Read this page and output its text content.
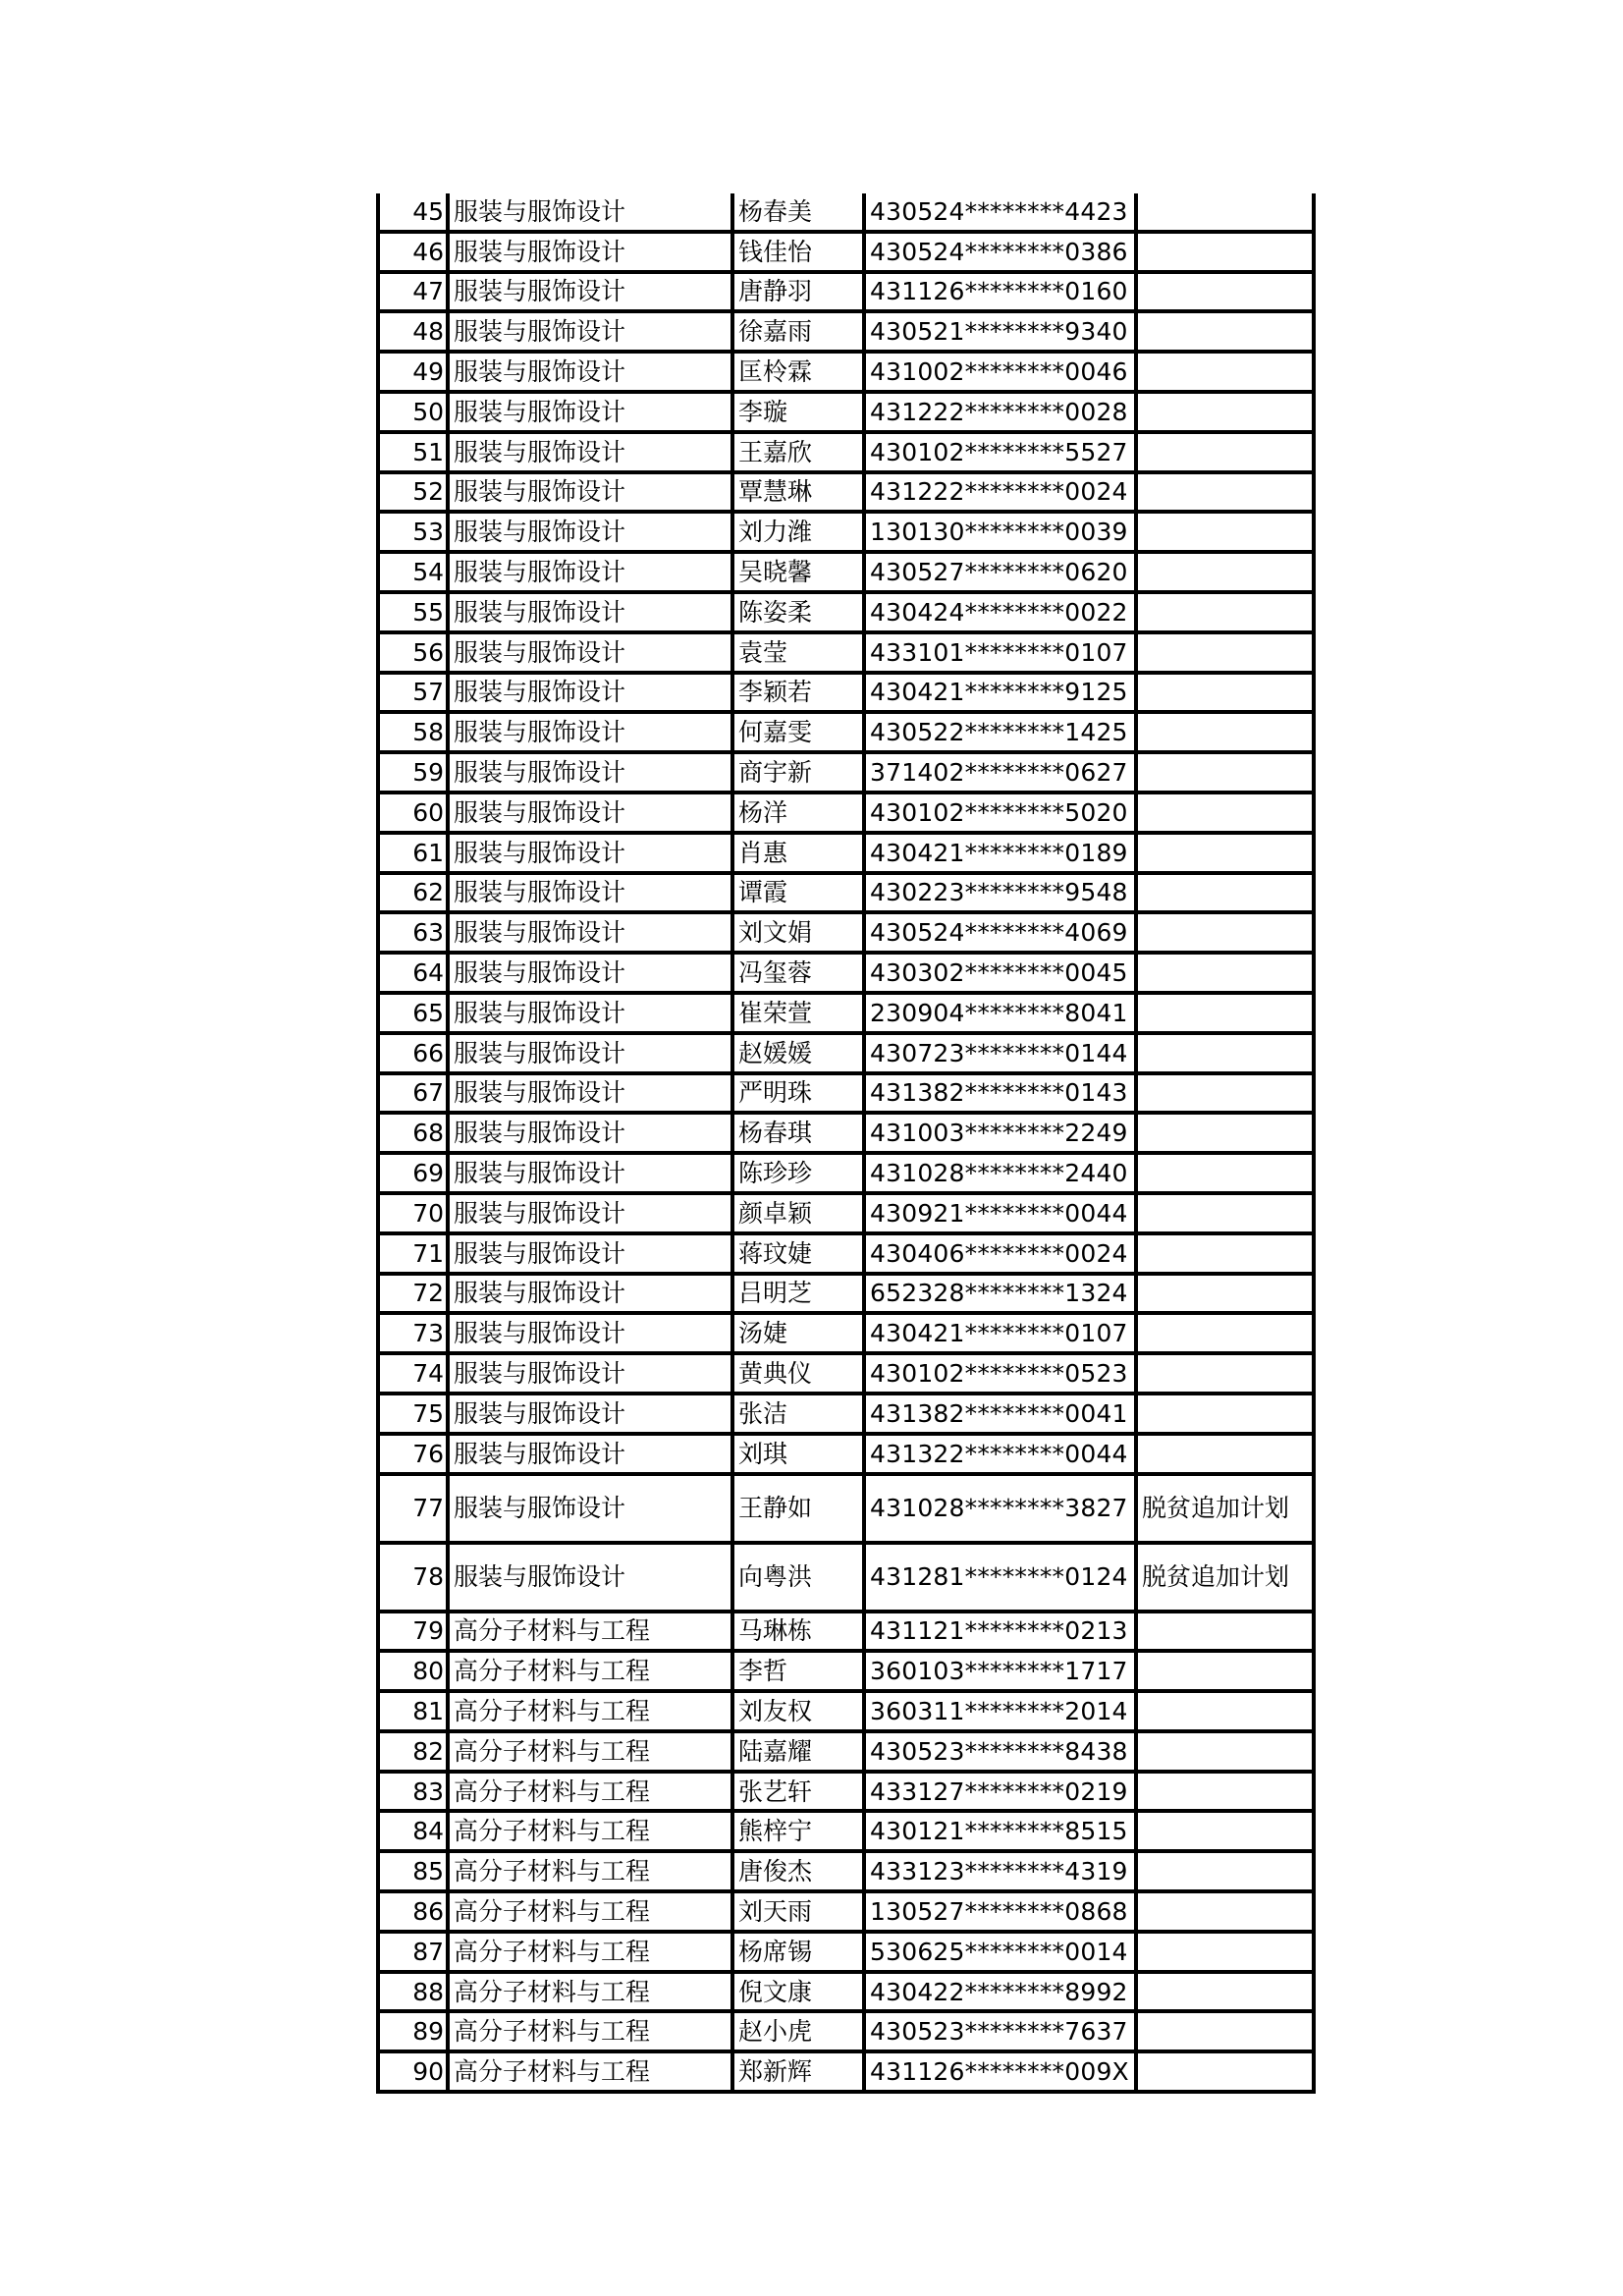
45	服装与服饰设计	杨春美	430524********4423	
46	服装与服饰设计	钱佳怡	430524********0386	
47	服装与服饰设计	唐静羽	431126********0160	
48	服装与服饰设计	徐嘉雨	430521********9340	
49	服装与服饰设计	匡柃霖	431002********0046	
50	服装与服饰设计	李璇	431222********0028	
51	服装与服饰设计	王嘉欣	430102********5527	
52	服装与服饰设计	覃慧琳	431222********0024	
53	服装与服饰设计	刘力潍	130130********0039	
54	服装与服饰设计	吴晓馨	430527********0620	
55	服装与服饰设计	陈姿柔	430424********0022	
56	服装与服饰设计	袁莹	433101********0107	
57	服装与服饰设计	李颖若	430421********9125	
58	服装与服饰设计	何嘉雯	430522********1425	
59	服装与服饰设计	商宇新	371402********0627	
60	服装与服饰设计	杨洋	430102********5020	
61	服装与服饰设计	肖惠	430421********0189	
62	服装与服饰设计	谭霞	430223********9548	
63	服装与服饰设计	刘文娟	430524********4069	
64	服装与服饰设计	冯玺蓉	430302********0045	
65	服装与服饰设计	崔荣萱	230904********8041	
66	服装与服饰设计	赵媛媛	430723********0144	
67	服装与服饰设计	严明珠	431382********0143	
68	服装与服饰设计	杨春琪	431003********2249	
69	服装与服饰设计	陈珍珍	431028********2440	
70	服装与服饰设计	颜卓颖	430921********0044	
71	服装与服饰设计	蒋玟婕	430406********0024	
72	服装与服饰设计	吕明芝	652328********1324	
73	服装与服饰设计	汤婕	430421********0107	
74	服装与服饰设计	黄典仪	430102********0523	
75	服装与服饰设计	张洁	431382********0041	
76	服装与服饰设计	刘琪	431322********0044	
77	服装与服饰设计	王静如	431028********3827	脱贫追加计划
78	服装与服饰设计	向粤洪	431281********0124	脱贫追加计划
79	高分子材料与工程	马琳栋	431121********0213	
80	高分子材料与工程	李哲	360103********1717	
81	高分子材料与工程	刘友权	360311********2014	
82	高分子材料与工程	陆嘉耀	430523********8438	
83	高分子材料与工程	张艺轩	433127********0219	
84	高分子材料与工程	熊梓宁	430121********8515	
85	高分子材料与工程	唐俊杰	433123********4319	
86	高分子材料与工程	刘天雨	130527********0868	
87	高分子材料与工程	杨席锡	530625********0014	
88	高分子材料与工程	倪文康	430422********8992	
89	高分子材料与工程	赵小虎	430523********7637	
90	高分子材料与工程	郑新辉	431126********009X	
